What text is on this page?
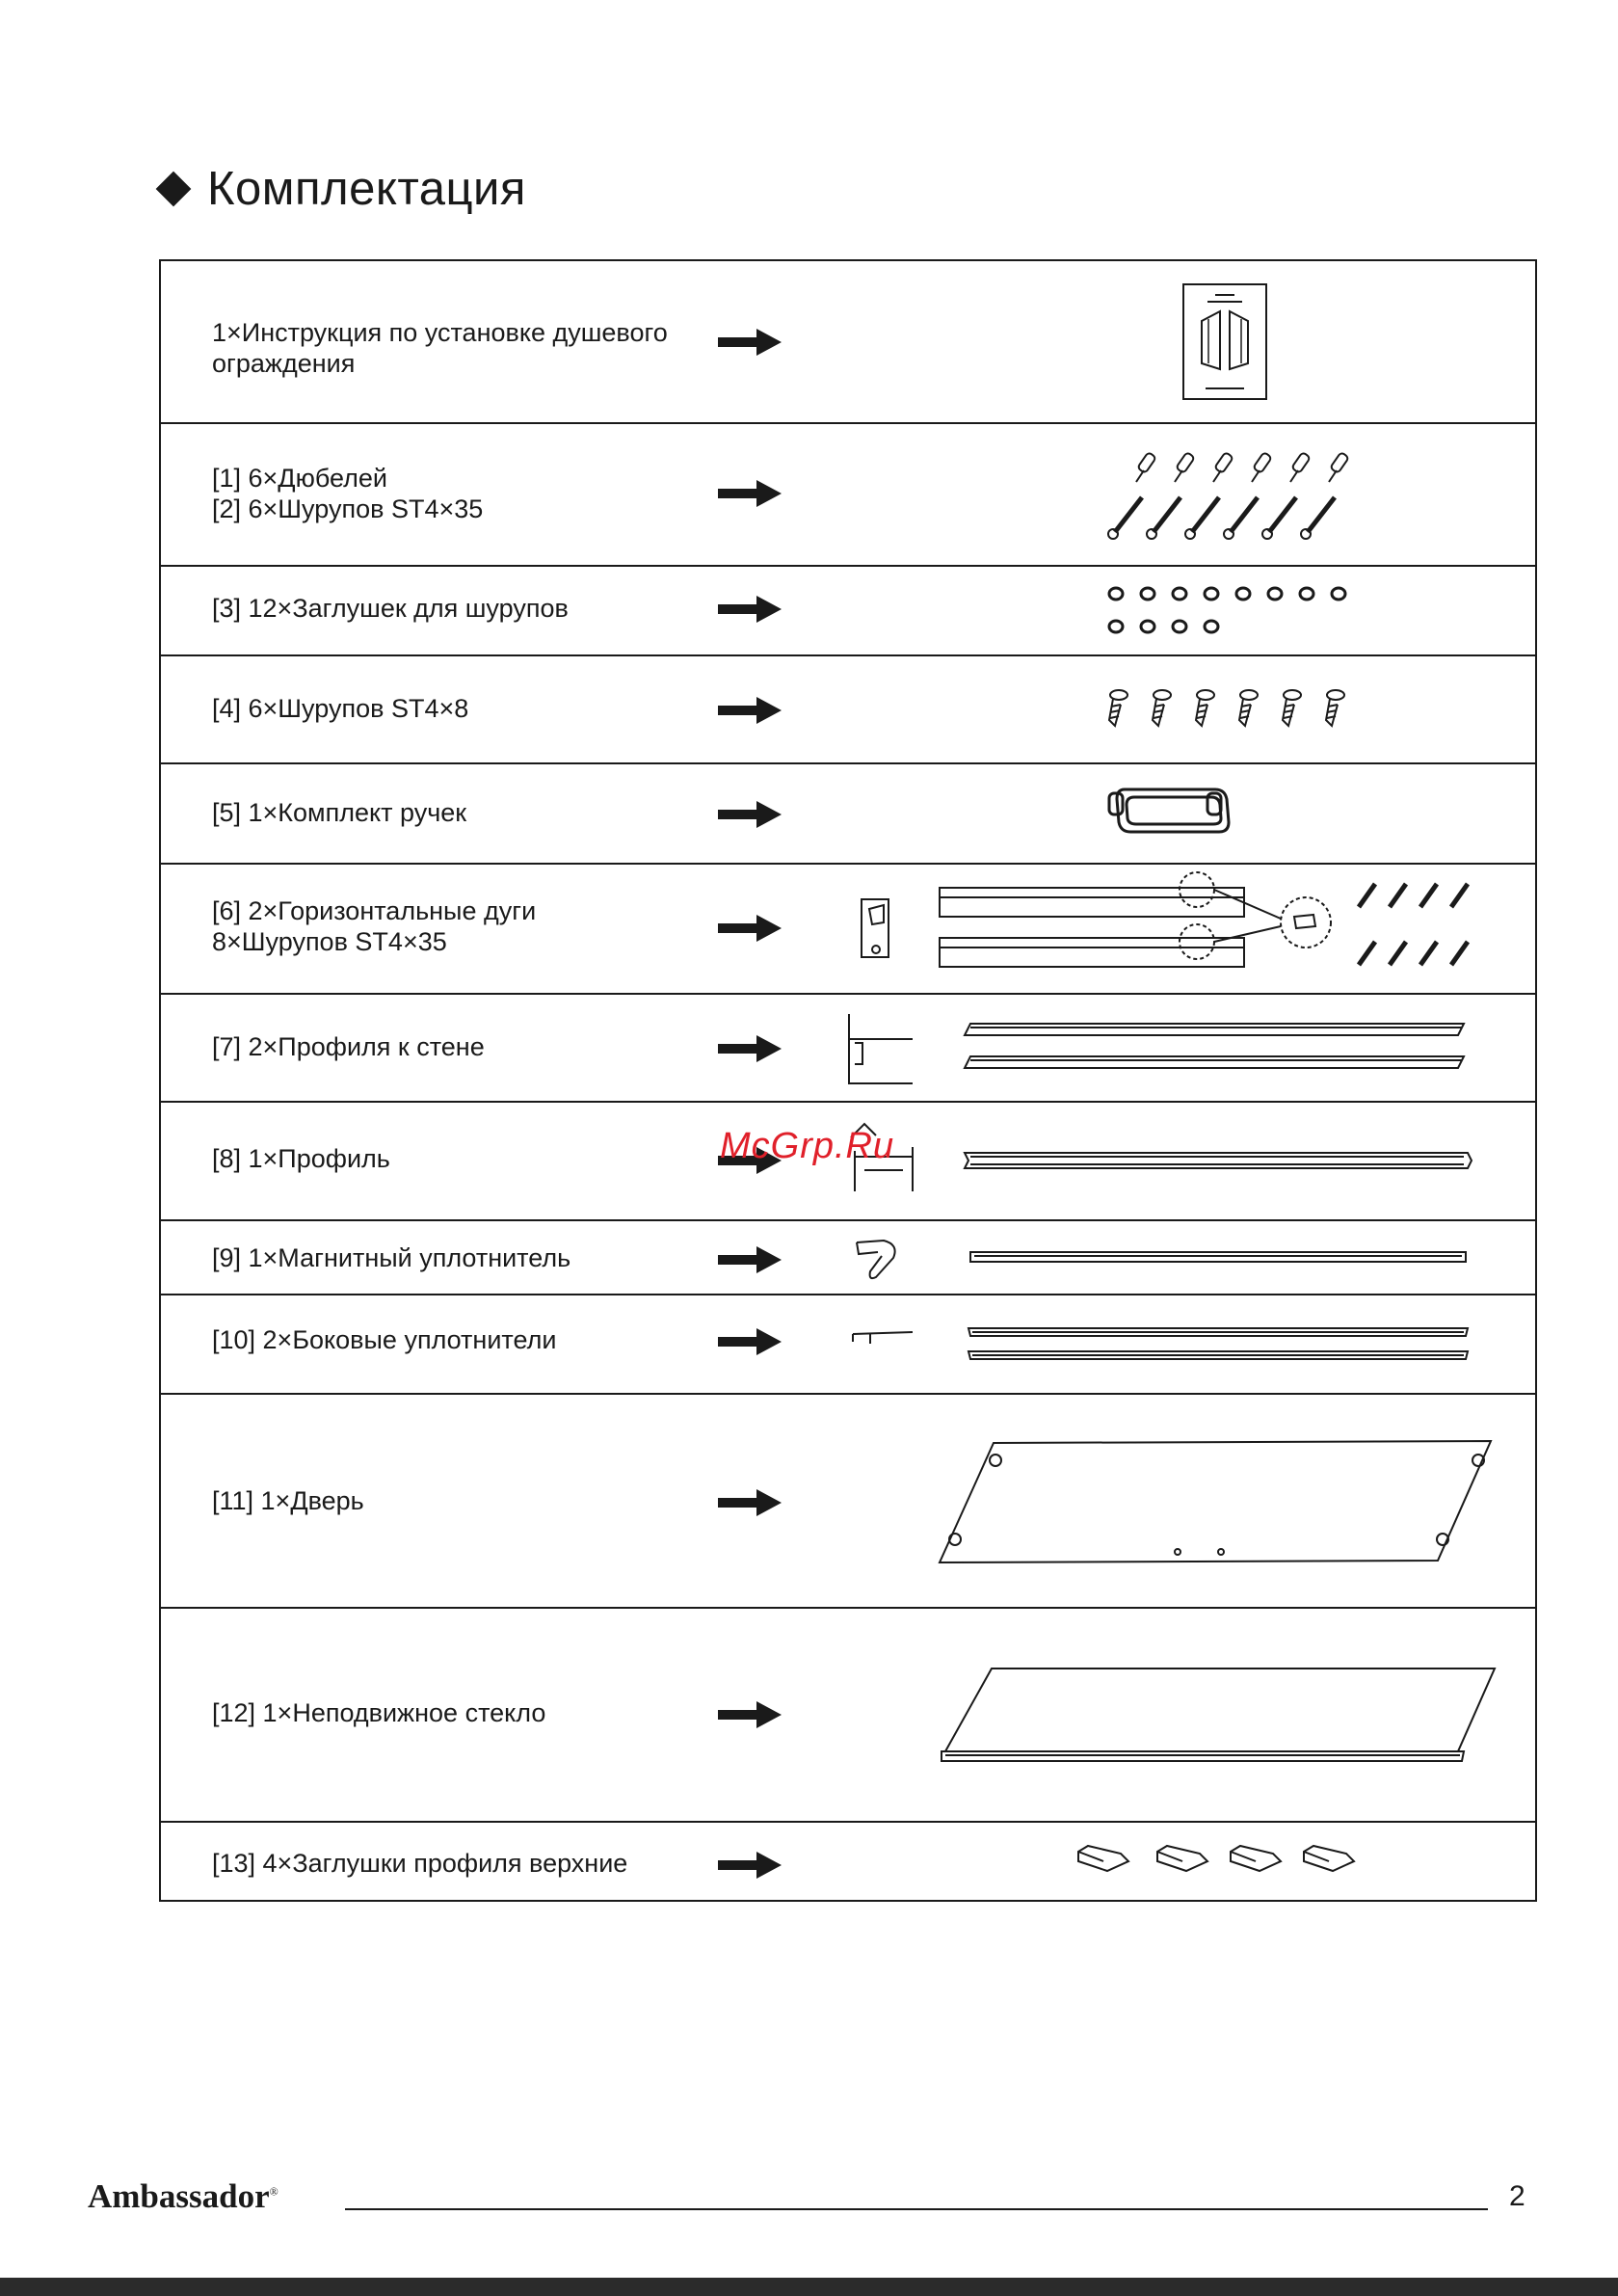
Комплектация
1×Инструкция по установке душевого
ограждения
[1] 6×Дюбелей
[2] 6×Шурупов ST4×35
[3] 12×Заглушек для шурупов
[4] 6×Шурупов ST4×8
[5] 1×Комплект ручек
[6] 2×Горизонтальные дуги
8×Шурупов ST4×35
[7] 2×Профиля к стене
[8] 1×Профиль
[9] 1×Магнитный уплотнитель
[10] 2×Боковые уплотнители
[11] 1×Дверь
[12] 1×Неподвижное стекло
[13] 4×Заглушки профиля верхние
McGrp.Ru
Ambassador®	2
